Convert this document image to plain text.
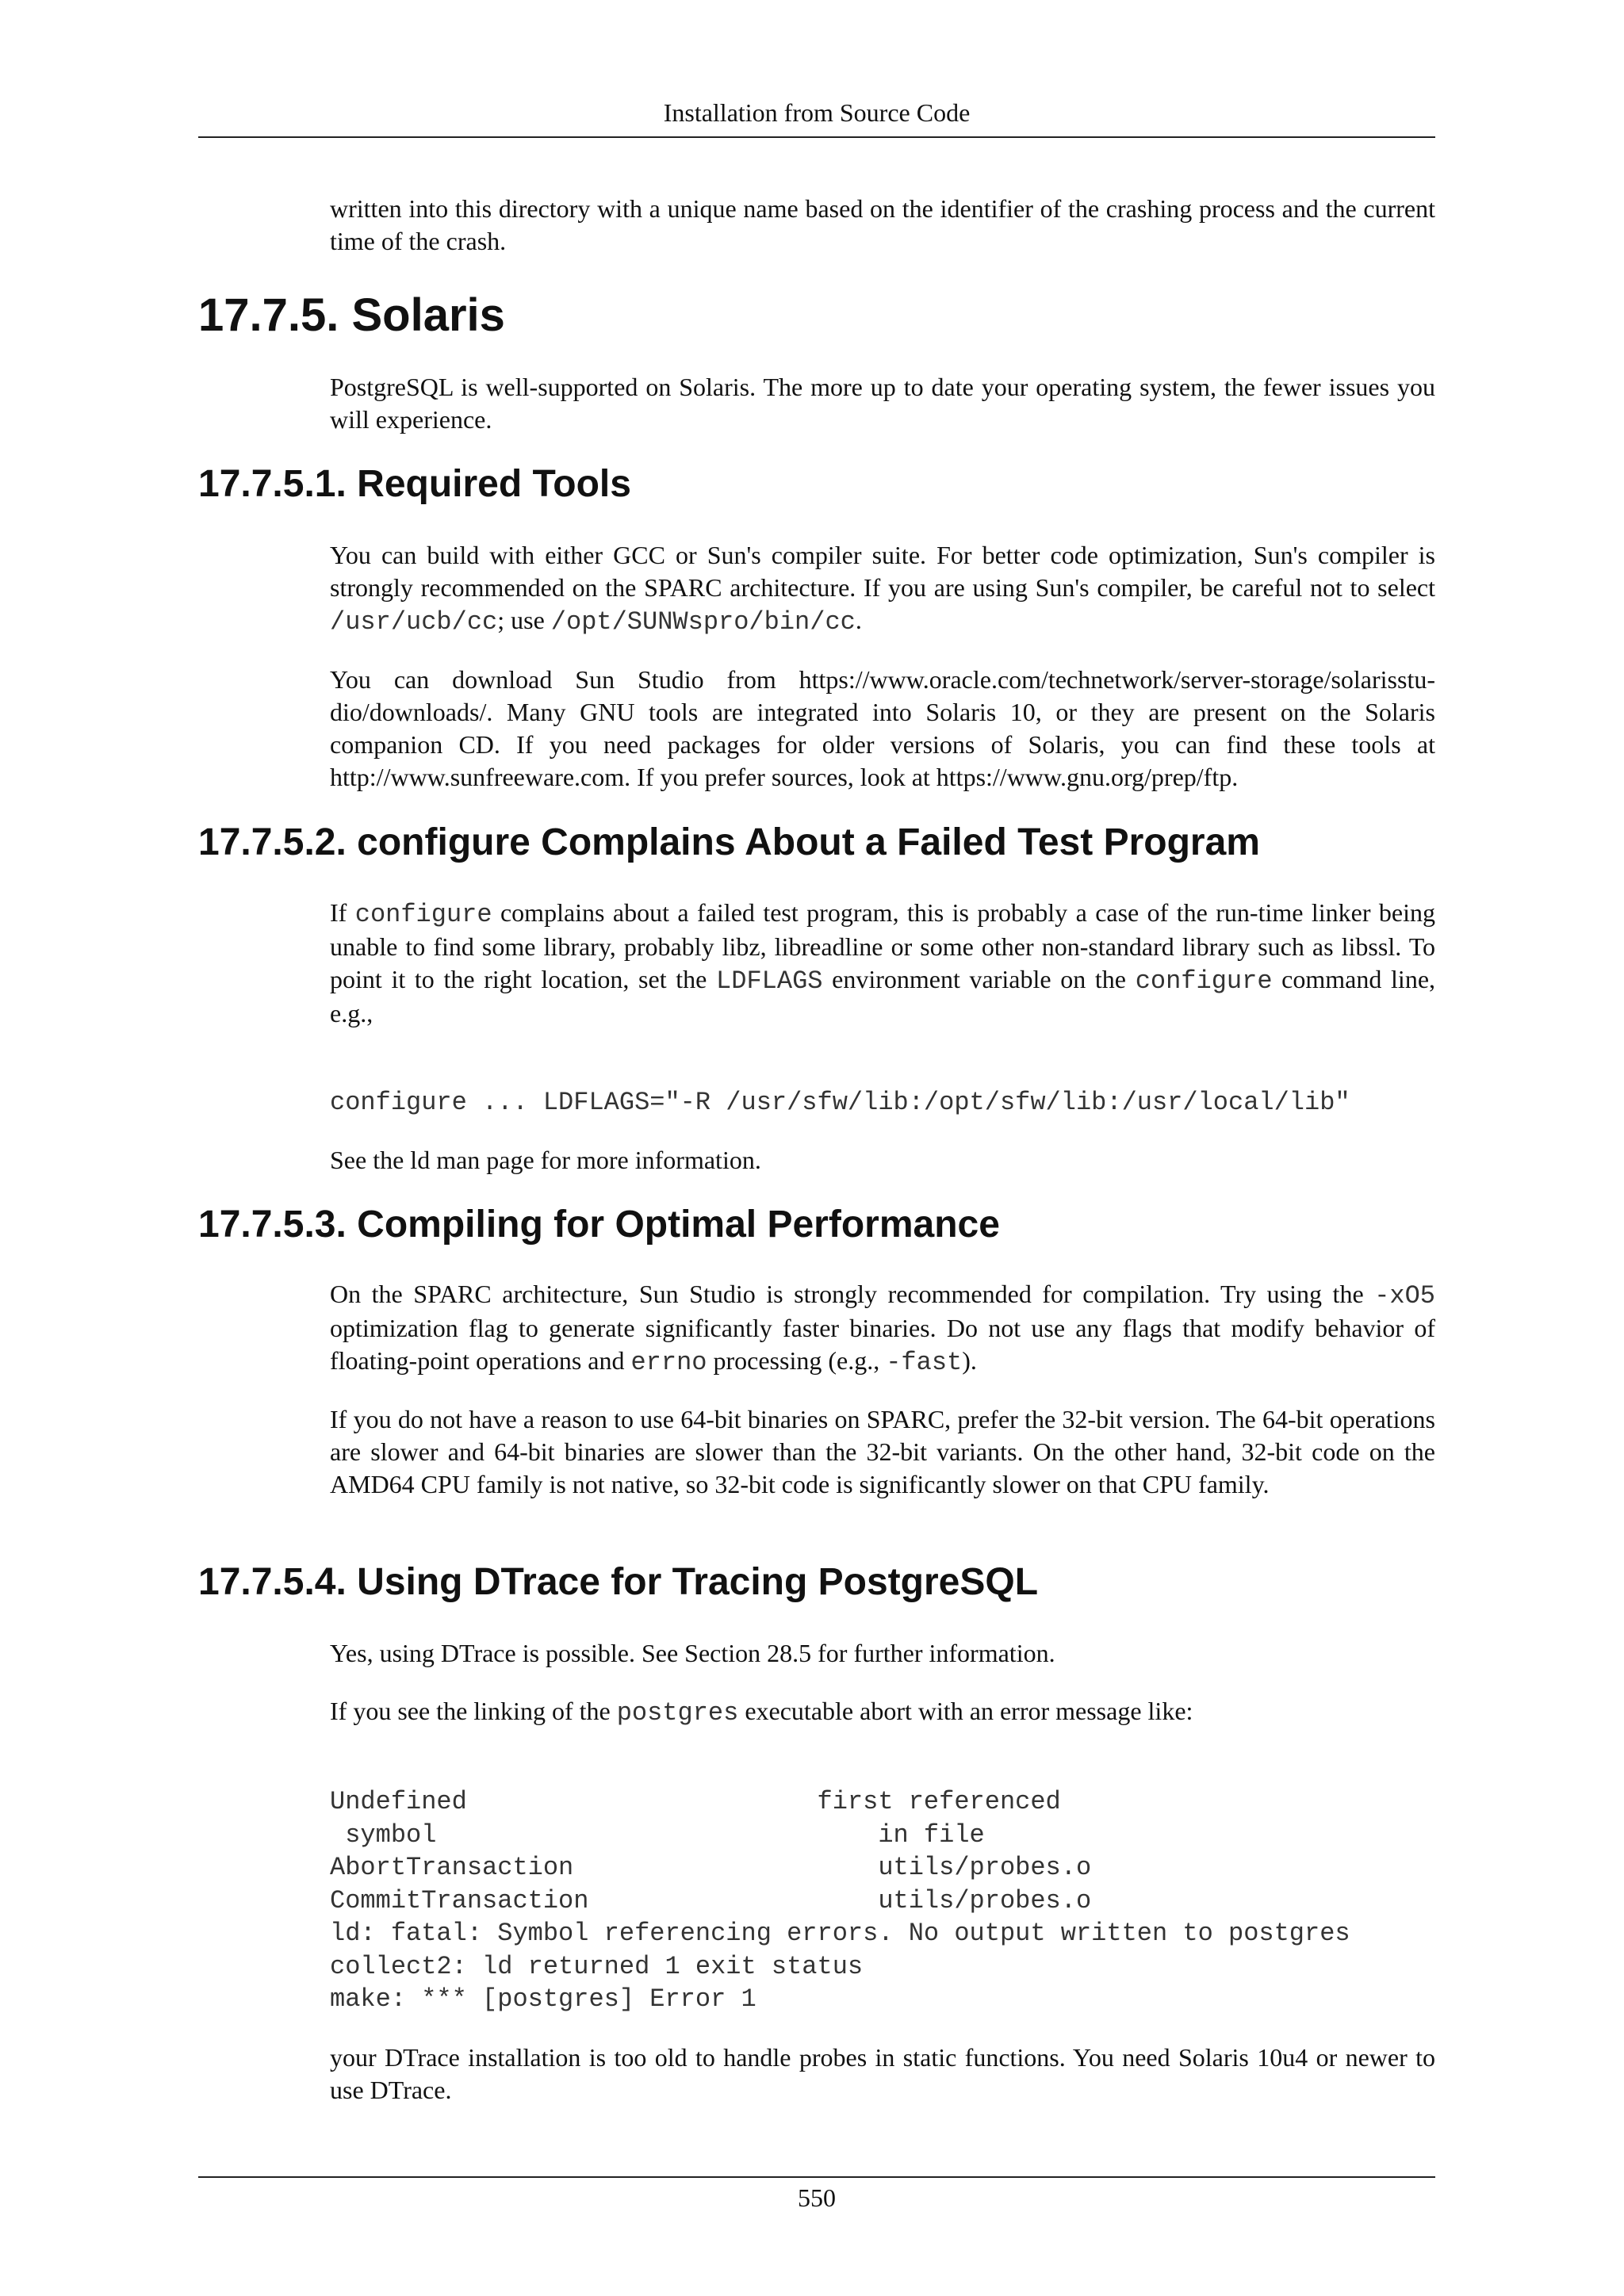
Installation from Source Code

written into this directory with a unique name based on the identifier of the crashing process and the current time of the crash.

17.7.5. Solaris

PostgreSQL is well-supported on Solaris. The more up to date your operating system, the fewer issues you will experience.

17.7.5.1. Required Tools

You can build with either GCC or Sun's compiler suite. For better code optimization, Sun's compiler is strongly recommended on the SPARC architecture. If you are using Sun's compiler, be careful not to select /usr/ucb/cc; use /opt/SUNWspro/bin/cc.

You can download Sun Studio from https://www.oracle.com/technetwork/server-storage/solarisstudio/downloads/. Many GNU tools are integrated into Solaris 10, or they are present on the Solaris companion CD. If you need packages for older versions of Solaris, you can find these tools at http://www.sunfreeware.com. If you prefer sources, look at https://www.gnu.org/prep/ftp.

17.7.5.2. configure Complains About a Failed Test Program

If configure complains about a failed test program, this is probably a case of the run-time linker being unable to find some library, probably libz, libreadline or some other non-standard library such as libssl. To point it to the right location, set the LDFLAGS environment variable on the configure command line, e.g.,

configure ... LDFLAGS="-R /usr/sfw/lib:/opt/sfw/lib:/usr/local/lib"

See the ld man page for more information.

17.7.5.3. Compiling for Optimal Performance

On the SPARC architecture, Sun Studio is strongly recommended for compilation. Try using the -xO5 optimization flag to generate significantly faster binaries. Do not use any flags that modify behavior of floating-point operations and errno processing (e.g., -fast).

If you do not have a reason to use 64-bit binaries on SPARC, prefer the 32-bit version. The 64-bit operations are slower and 64-bit binaries are slower than the 32-bit variants. On the other hand, 32-bit code on the AMD64 CPU family is not native, so 32-bit code is significantly slower on that CPU family.

17.7.5.4. Using DTrace for Tracing PostgreSQL

Yes, using DTrace is possible. See Section 28.5 for further information.

If you see the linking of the postgres executable abort with an error message like:

Undefined                       first referenced
symbol                             in file
AbortTransaction                    utils/probes.o
CommitTransaction                   utils/probes.o
ld: fatal: Symbol referencing errors. No output written to postgres
collect2: ld returned 1 exit status
make: *** [postgres] Error 1

your DTrace installation is too old to handle probes in static functions. You need Solaris 10u4 or newer to use DTrace.

550
